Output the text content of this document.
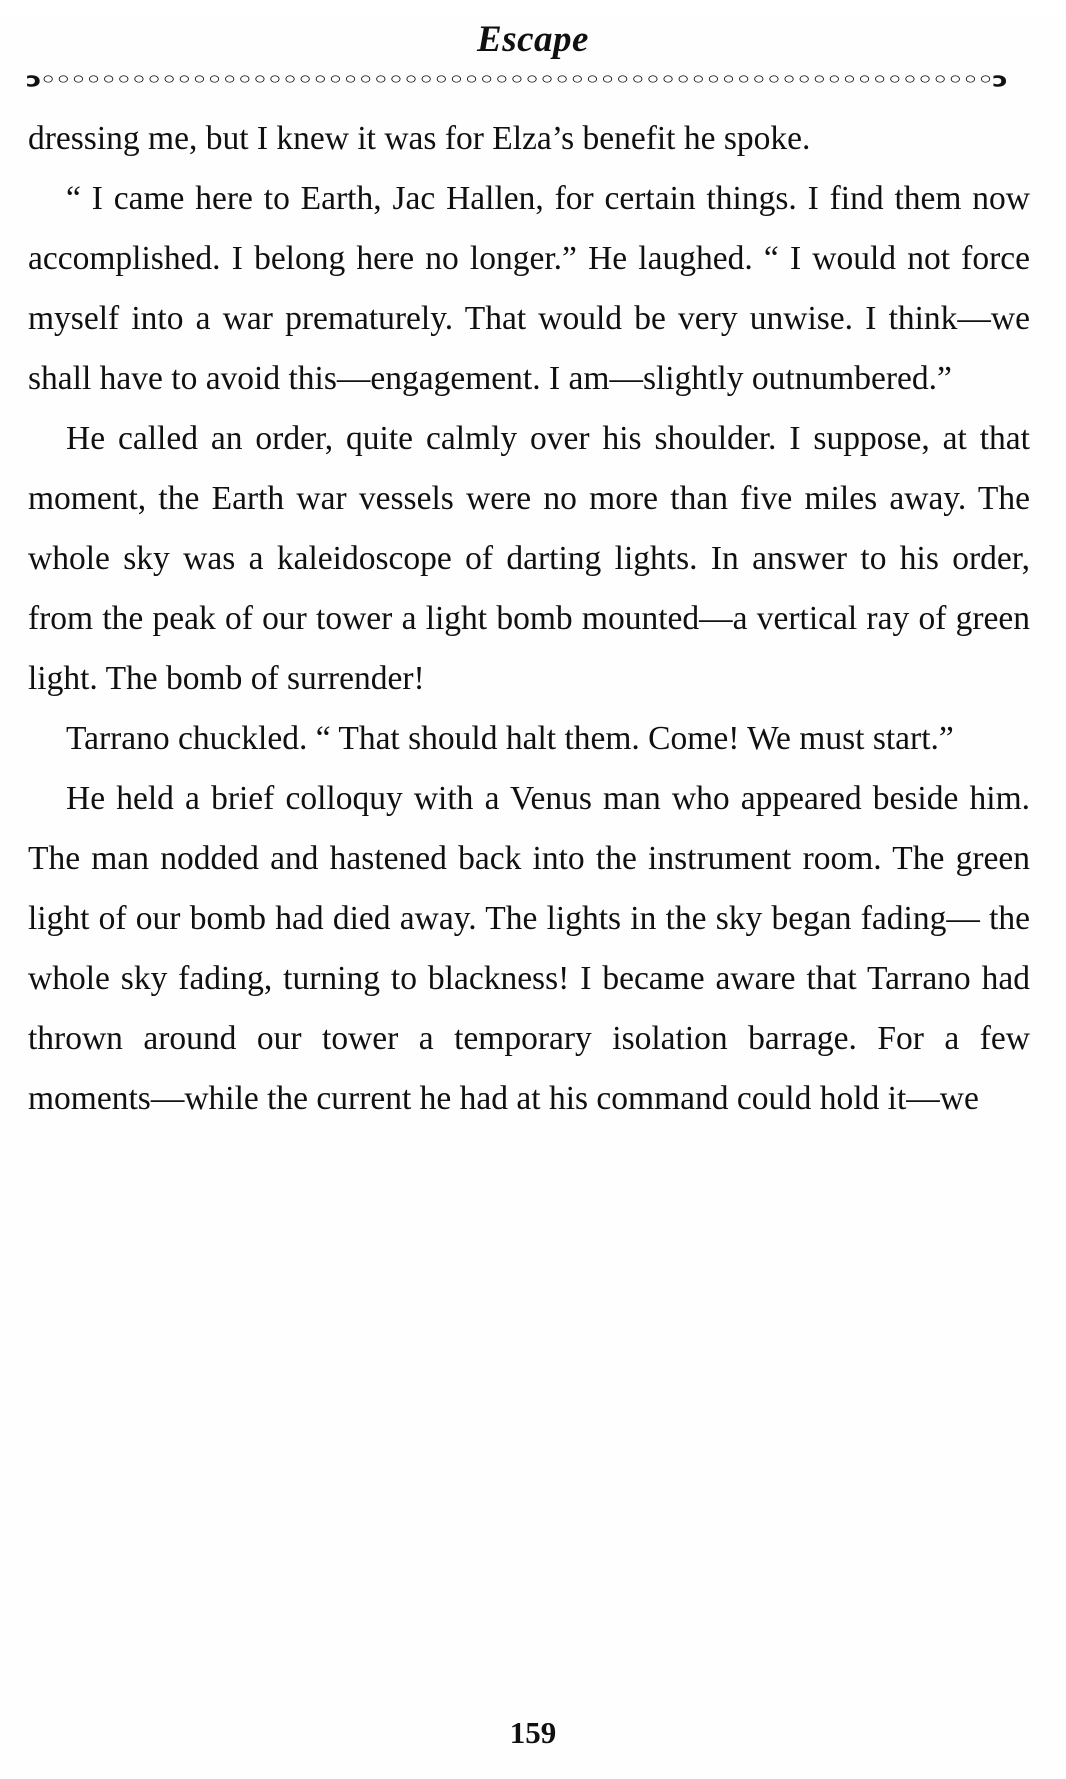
Escape
ɔ◦◦◦◦◦◦◦◦◦◦◦◦◦◦◦◦◦◦◦◦◦◦◦◦◦◦◦◦◦◦◦◦◦◦◦◦◦◦◦◦◦◦◦◦◦◦◦◦◦◦◦◦◦◦◦◦◦◦◦◦◦◦◦ɔ

dressing me, but I knew it was for Elza’s benefit he spoke.

“ I came here to Earth, Jac Hallen, for certain things. I find them now accomplished. I belong here no longer.” He laughed. “ I would not force myself into a war prematurely. That would be very unwise. I think—we shall have to avoid this—engagement. I am—slightly outnumbered.”

He called an order, quite calmly over his shoulder. I suppose, at that moment, the Earth war vessels were no more than five miles away. The whole sky was a kaleidoscope of darting lights. In answer to his order, from the peak of our tower a light bomb mounted—a vertical ray of green light. The bomb of surrender!

Tarrano chuckled. “ That should halt them. Come! We must start.”

He held a brief colloquy with a Venus man who appeared beside him. The man nodded and hastened back into the instrument room. The green light of our bomb had died away. The lights in the sky began fading— the whole sky fading, turning to blackness! I became aware that Tarrano had thrown around our tower a temporary isolation barrage. For a few moments—while the current he had at his command could hold it—we

159
